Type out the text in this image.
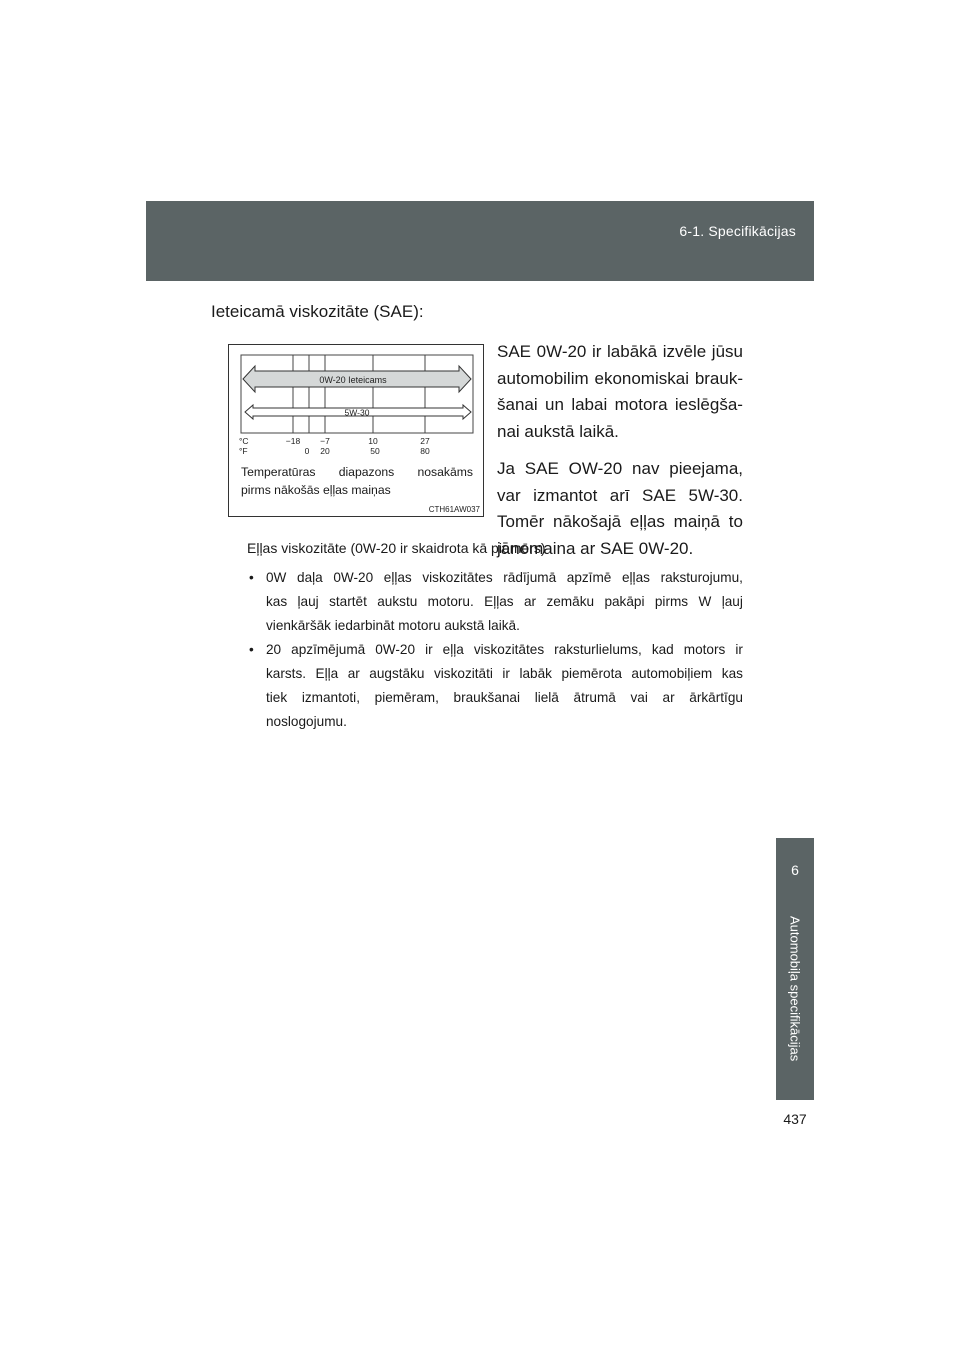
6-1. Specifikācijas
Ieteicamā viskozitāte (SAE):
0W-20 Ieteicams
5W-30
°C
°F
−18 −7	10	27
0 20	50	80
Temperatūras diapazons nosakāms
pirms nākošās eļļas maiņas
CTH61AW037

SAE 0W-20 ir labākā izvēle jūsu
automobilim ekonomiskai brauk-
šanai un labai motora ieslēgša-
nai aukstā laikā.

Ja SAE OW-20 nav pieejama,
var izmantot arī SAE 5W-30.
Tomēr nākošajā eļļas maiņā to
jānomaina ar SAE 0W-20.

Eļļas viskozitāte (0W-20 ir skaidrota kā piemērs)
• 0W daļa 0W-20 eļļas viskozitātes rādījumā apzīmē eļļas raksturojumu,
kas ļauj startēt aukstu motoru. Eļļas ar zemāku pakāpi pirms W ļauj
vienkāršāk iedarbināt motoru aukstā laikā.
• 20 apzīmējumā 0W-20 ir eļļa viskozitātes raksturlielums, kad motors ir
karsts. Eļļa ar augstāku viskozitāti ir labāk piemērota automobiļiem kas
tiek izmantoti, piemēram, braukšanai lielā ātrumā vai ar ārkārtīgu
noslogojumu.
6
Automobiļa specifikācijas
437
